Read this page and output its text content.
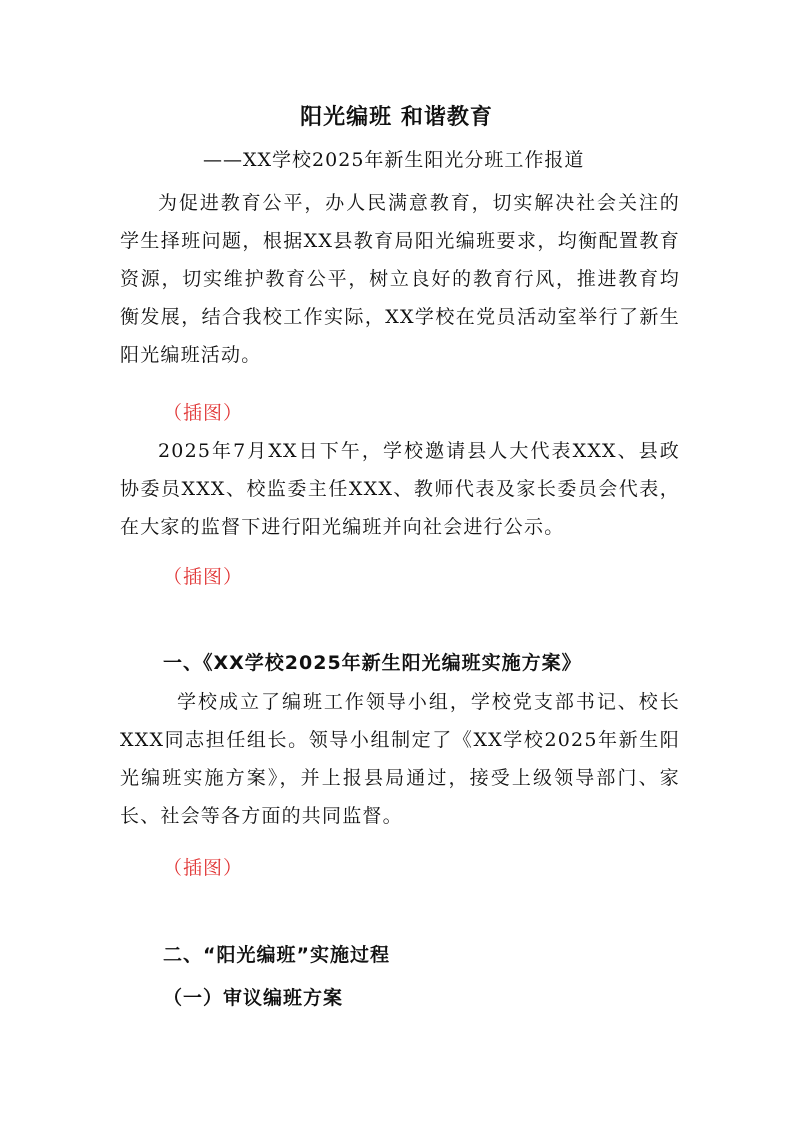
阳光编班 和谐教育
——XX学校2025年新生阳光分班工作报道

为促进教育公平，办人民满意教育，切实解决社会关注的学生择班问题，根据XX县教育局阳光编班要求，均衡配置教育资源，切实维护教育公平，树立良好的教育行风，推进教育均衡发展，结合我校工作实际，XX学校在党员活动室举行了新生阳光编班活动。

（插图）

2025年7月XX日下午，学校邀请县人大代表XXX、县政协委员XXX、校监委主任XXX、教师代表及家长委员会代表，在大家的监督下进行阳光编班并向社会进行公示。

（插图）
一、《XX学校2025年新生阳光编班实施方案》

学校成立了编班工作领导小组，学校党支部书记、校长XXX同志担任组长。领导小组制定了《XX学校2025年新生阳光编班实施方案》，并上报县局通过，接受上级领导部门、家长、社会等各方面的共同监督。

（插图）
二、“阳光编班”实施过程
（一）审议编班方案
